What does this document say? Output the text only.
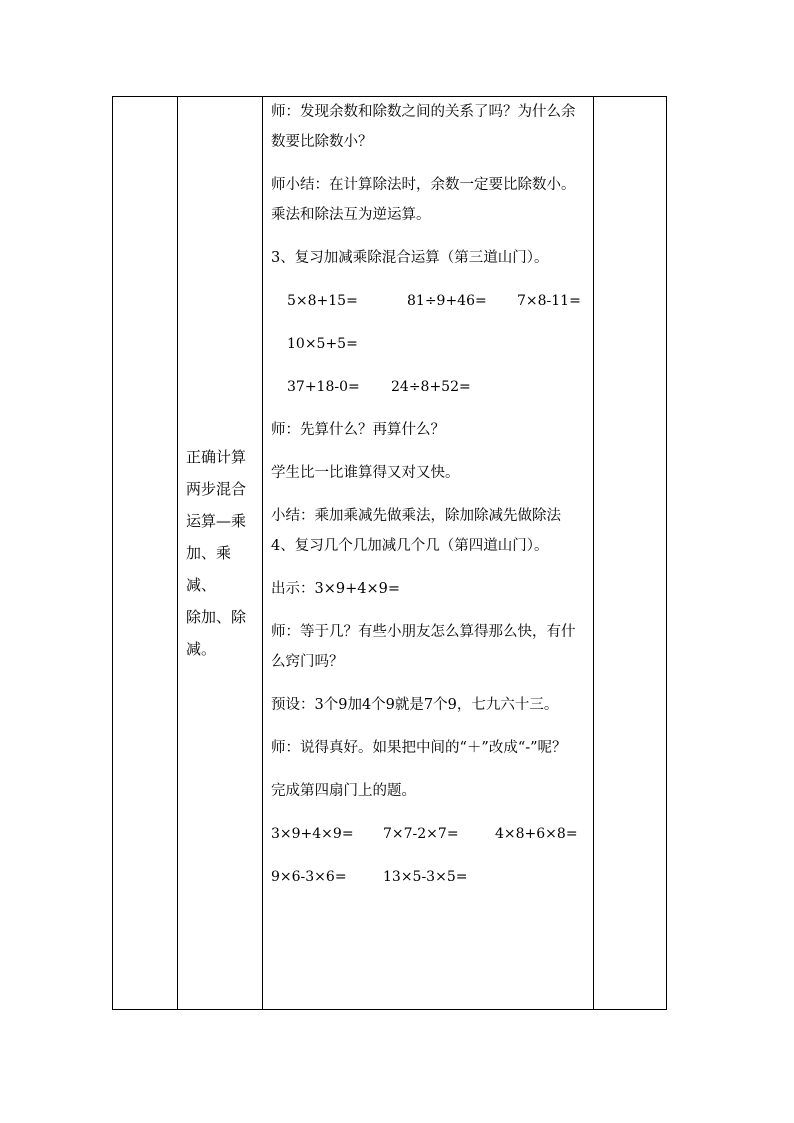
正确计算
两步混合
运算—乘
加、乘减、
除加、除
减。

师：发现余数和除数之间的关系了吗？为什么余数要比除数小？

师小结：在计算除法时，余数一定要比除数小。乘法和除法互为逆运算。

3、复习加减乘除混合运算（第三道山门）。

5×8+15=	81÷9+46=	7×8-11=
10×5+5=
37+18-0=	24÷8+52=

师：先算什么？再算什么？

学生比一比谁算得又对又快。

小结：乘加乘减先做乘法，除加除减先做除法

4、复习几个几加减几个几（第四道山门）。

出示：3×9+4×9=

师：等于几？有些小朋友怎么算得那么快，有什么窍门吗？

预设：3个9加4个9就是7个9，七九六十三。

师：说得真好。如果把中间的“＋”改成“-”呢？

完成第四扇门上的题。

3×9+4×9=	7×7-2×7=	4×8+6×8=
9×6-3×6=	13×5-3×5=
